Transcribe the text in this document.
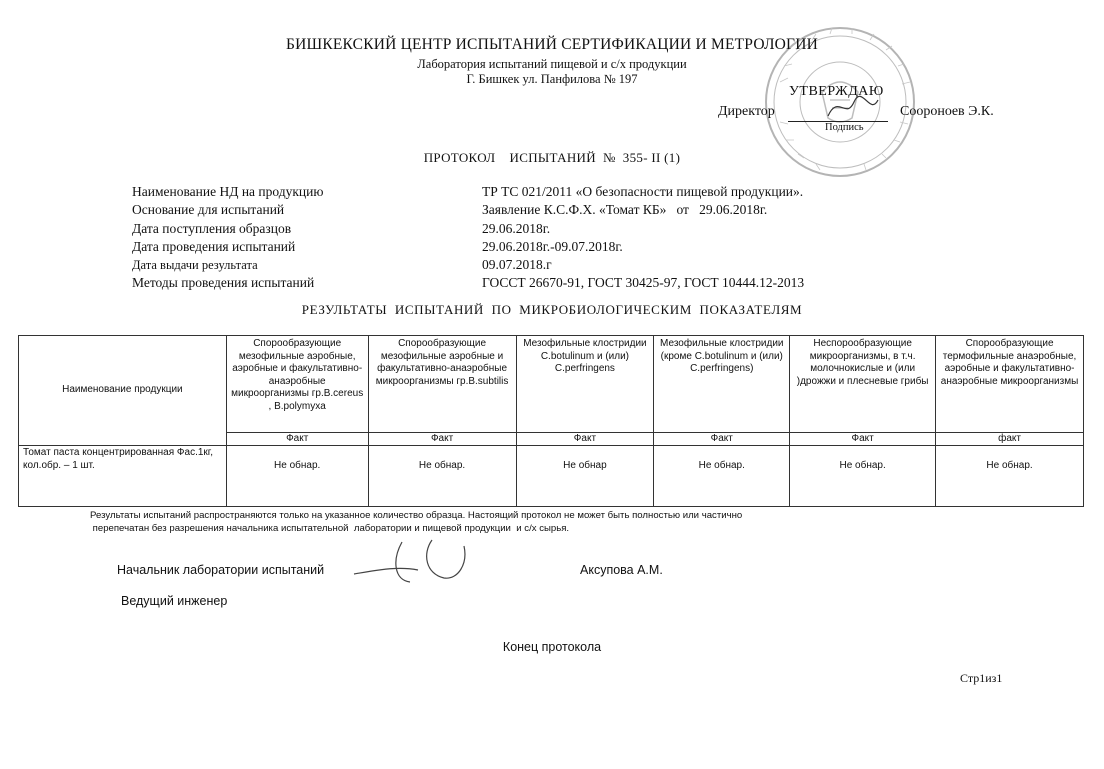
БИШКЕКСКИЙ ЦЕНТР ИСПЫТАНИЙ СЕРТИФИКАЦИИ И МЕТРОЛОГИИ
Лаборатория испытаний пищевой и с/х продукции
Г. Бишкек ул. Панфилова № 197
УТВЕРЖДАЮ
Директор
Подпись
Сооронoев Э.К.
ПРОТОКОЛ    ИСПЫТАНИЙ  №  355- II (1)
Наименование НД на продукцию	ТР ТС 021/2011 «О безопасности пищевой продукции».
Основание для испытаний	Заявление К.С.Ф.Х. «Томат КБ»   от   29.06.2018г.
Дата поступления образцов	29.06.2018г.
Дата проведения испытаний	29.06.2018г.-09.07.2018г.
Дата выдачи результата	09.07.2018.г
Методы проведения испытаний	ГОССТ 26670-91, ГОСТ 30425-97, ГОСТ 10444.12-2013
РЕЗУЛЬТАТЫ  ИСПЫТАНИЙ  ПО  МИКРОБИОЛОГИЧЕСКИМ  ПОКАЗАТЕЛЯМ
Наименование продукции	Спорообразующие мезофильные аэробные, аэробные и факультативно-анаэробные микроорганизмы гр.B.cereus , B.polymyxa	Спорообразующие мезофильные аэробные и факультативно-анаэробные микроорганизмы гр.B.subtilis	Мезофильные клостридии C.botulinum и (или) C.perfringens	Мезофильные клостридии (кроме C.botulinum и (или) C.perfringens)	Неспорообразующие микроорганизмы, в т.ч. молочнокислые и (или )дрожжи и плесневые грибы	Спорообразующие термофильные анаэробные, аэробные и факультативно-анаэробные микроорганизмы
	Факт	Факт	Факт	Факт	Факт	факт
Томат паста концентрированная Фас.1кг, кол.обр. – 1 шт.	Не обнар.	Не обнар.	Не обнар	Не обнар.	Не обнар.	Не обнар.
Результаты испытаний распространяются только на указанное количество образца. Настоящий протокол не может быть полностью или частично
перепечатан без разрешения начальника испытательной  лаборатории и пищевой продукции  и с/х сырья.
Начальник лаборатории испытаний	Аксупова А.М.
Ведущий инженер
Конец протокола
Стр1из1
